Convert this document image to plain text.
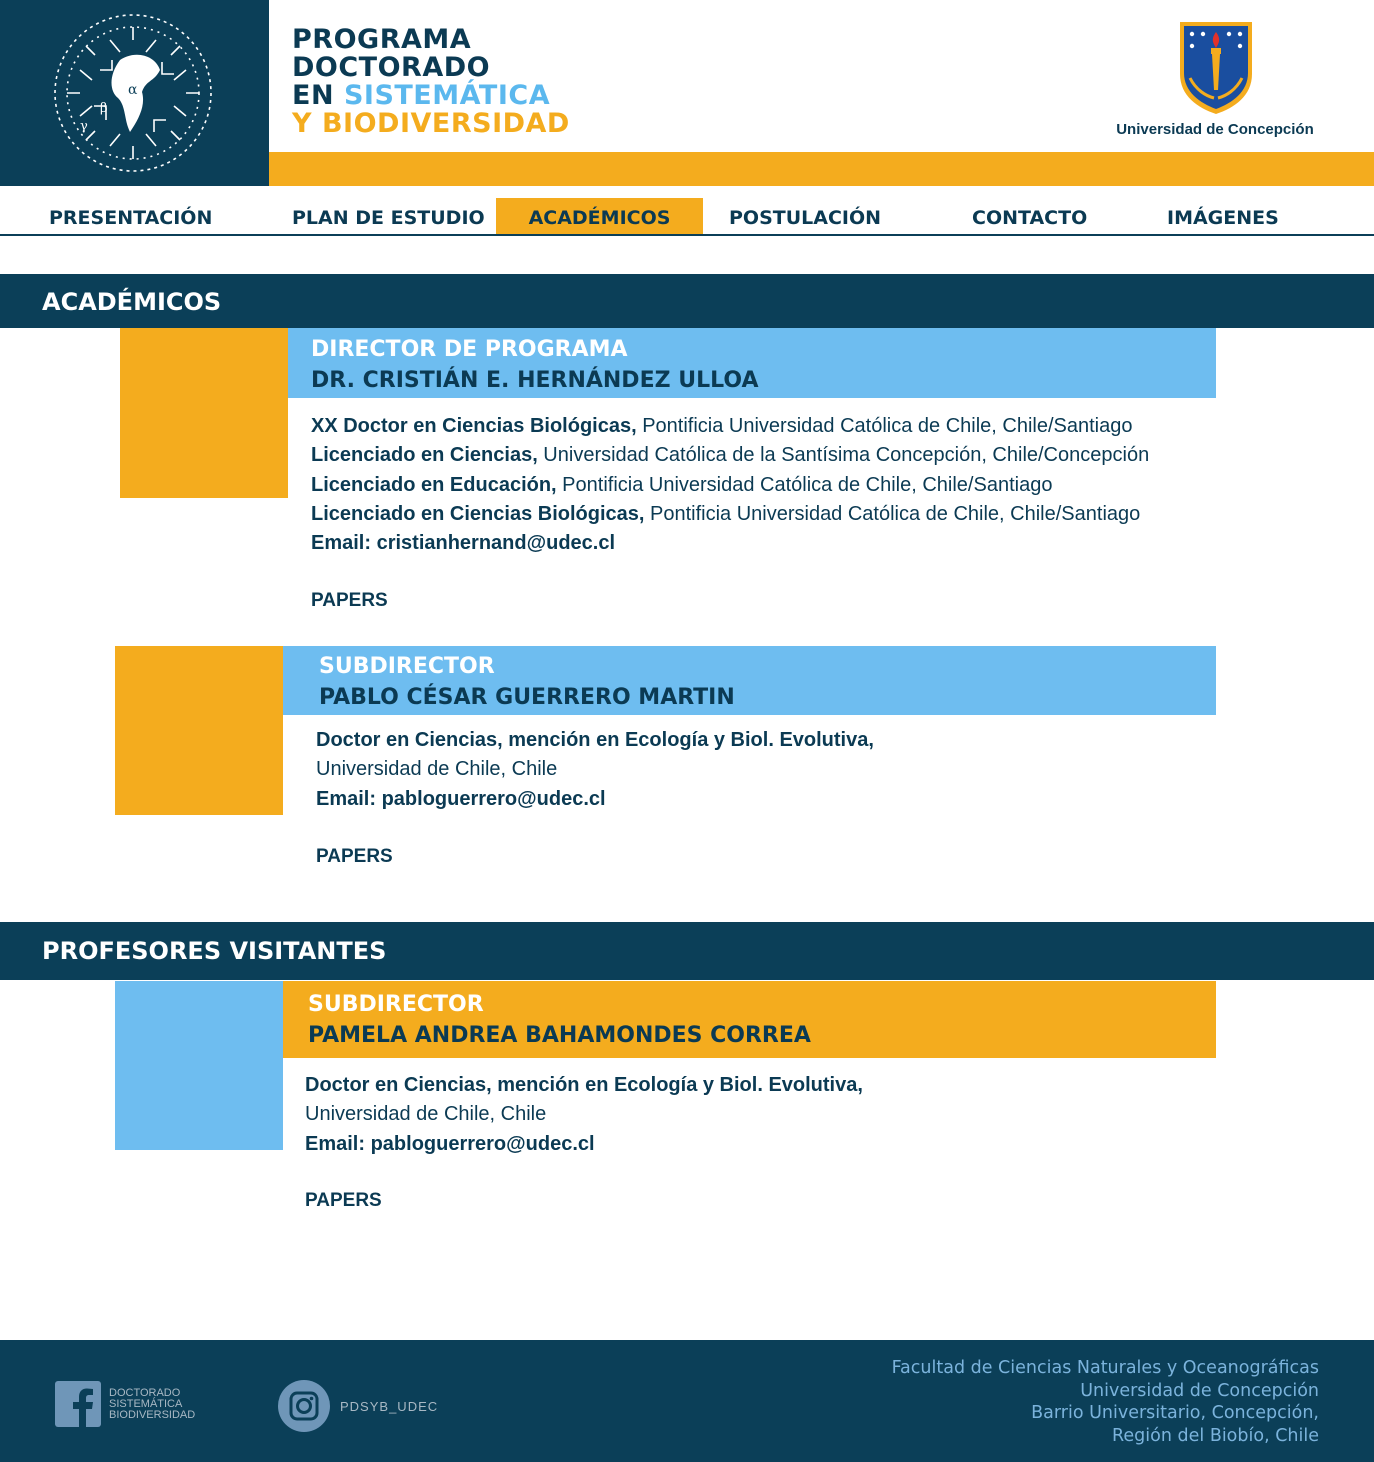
α
β
γ
PROGRAMA
DOCTORADO
EN SISTEMÁTICA
Y BIODIVERSIDAD	Universidad de Concepción
PRESENTACIÓN	PLAN DE ESTUDIO	ACADÉMICOS	POSTULACIÓN	CONTACTO	IMÁGENES
ACADÉMICOS
DIRECTOR DE PROGRAMA
DR. CRISTIÁN E. HERNÁNDEZ ULLOA
XX Doctor en Ciencias Biológicas, Pontificia Universidad Católica de Chile, Chile/Santiago
Licenciado en Ciencias, Universidad Católica de la Santísima Concepción, Chile/Concepción
Licenciado en Educación, Pontificia Universidad Católica de Chile, Chile/Santiago
Licenciado en Ciencias Biológicas, Pontificia Universidad Católica de Chile, Chile/Santiago
Email: cristianhernand@udec.cl
PAPERS
SUBDIRECTOR
PABLO CÉSAR GUERRERO MARTIN
Doctor en Ciencias, mención en Ecología y Biol. Evolutiva,
Universidad de Chile, Chile
Email: pabloguerrero@udec.cl
PAPERS
PROFESORES VISITANTES
SUBDIRECTOR
PAMELA ANDREA BAHAMONDES CORREA
Doctor en Ciencias, mención en Ecología y Biol. Evolutiva,
Universidad de Chile, Chile
Email: pabloguerrero@udec.cl
PAPERS
DOCTORADO
SISTEMÁTICA
BIODIVERSIDAD
PDSYB_UDEC
Facultad de Ciencias Naturales y Oceanográficas
Universidad de Concepción
Barrio Universitario, Concepción,
Región del Biobío, Chile
